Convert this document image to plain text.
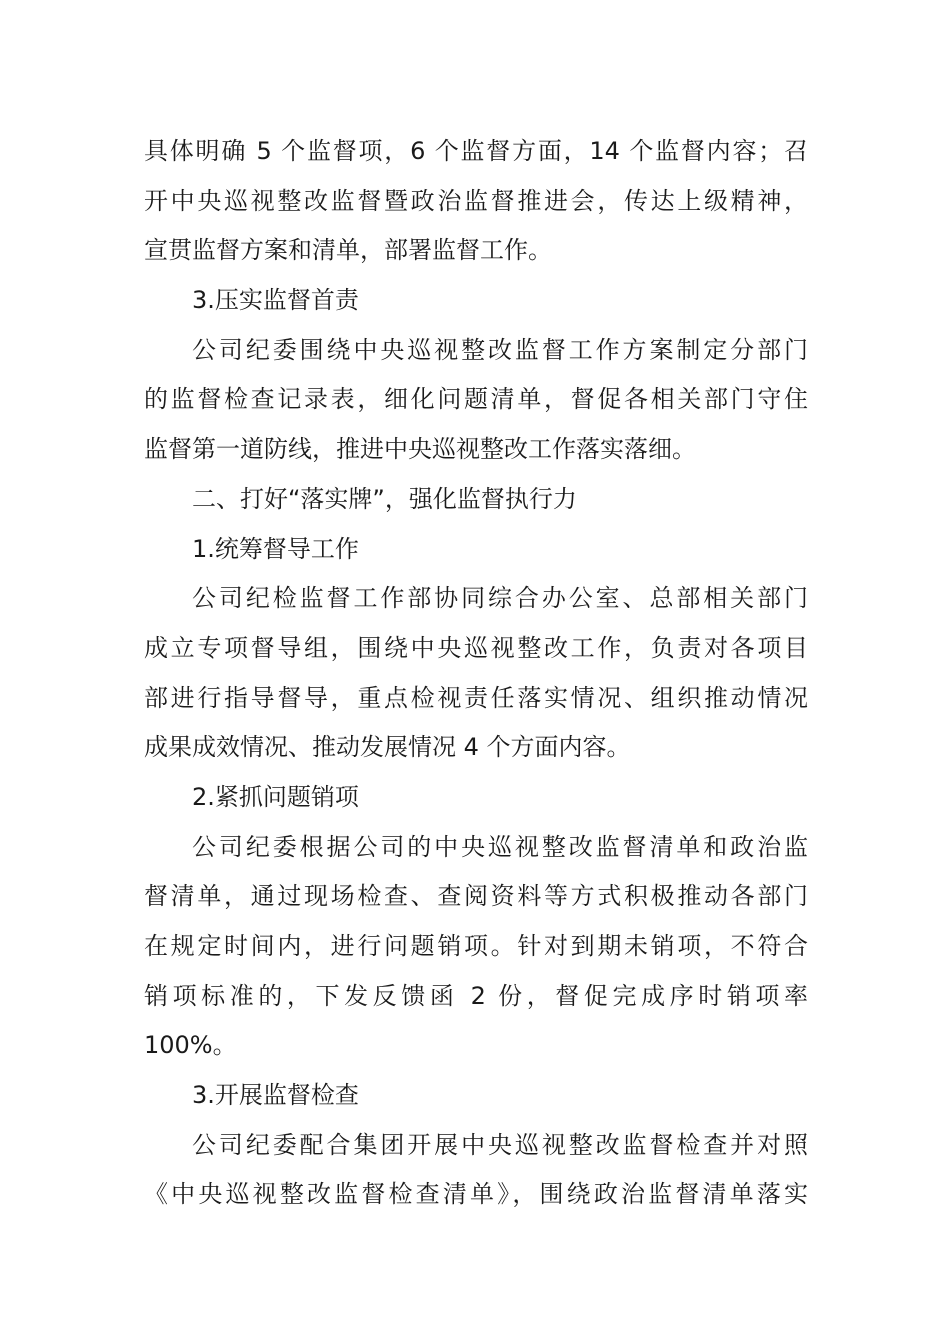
具体明确 5 个监督项，6 个监督方面，14 个监督内容；召
开中央巡视整改监督暨政治监督推进会，传达上级精神，
宣贯监督方案和清单，部署监督工作。
3.压实监督首责
公司纪委围绕中央巡视整改监督工作方案制定分部门
的监督检查记录表，细化问题清单，督促各相关部门守住
监督第一道防线，推进中央巡视整改工作落实落细。
二、打好“落实牌”，强化监督执行力
1.统筹督导工作
公司纪检监督工作部协同综合办公室、总部相关部门
成立专项督导组，围绕中央巡视整改工作，负责对各项目
部进行指导督导，重点检视责任落实情况、组织推动情况
成果成效情况、推动发展情况 4 个方面内容。
2.紧抓问题销项
公司纪委根据公司的中央巡视整改监督清单和政治监
督清单，通过现场检查、查阅资料等方式积极推动各部门
在规定时间内，进行问题销项。针对到期未销项，不符合
销项标准的，下发反馈函 2 份，督促完成序时销项率
100%。
3.开展监督检查
公司纪委配合集团开展中央巡视整改监督检查并对照
《中央巡视整改监督检查清单》，围绕政治监督清单落实
